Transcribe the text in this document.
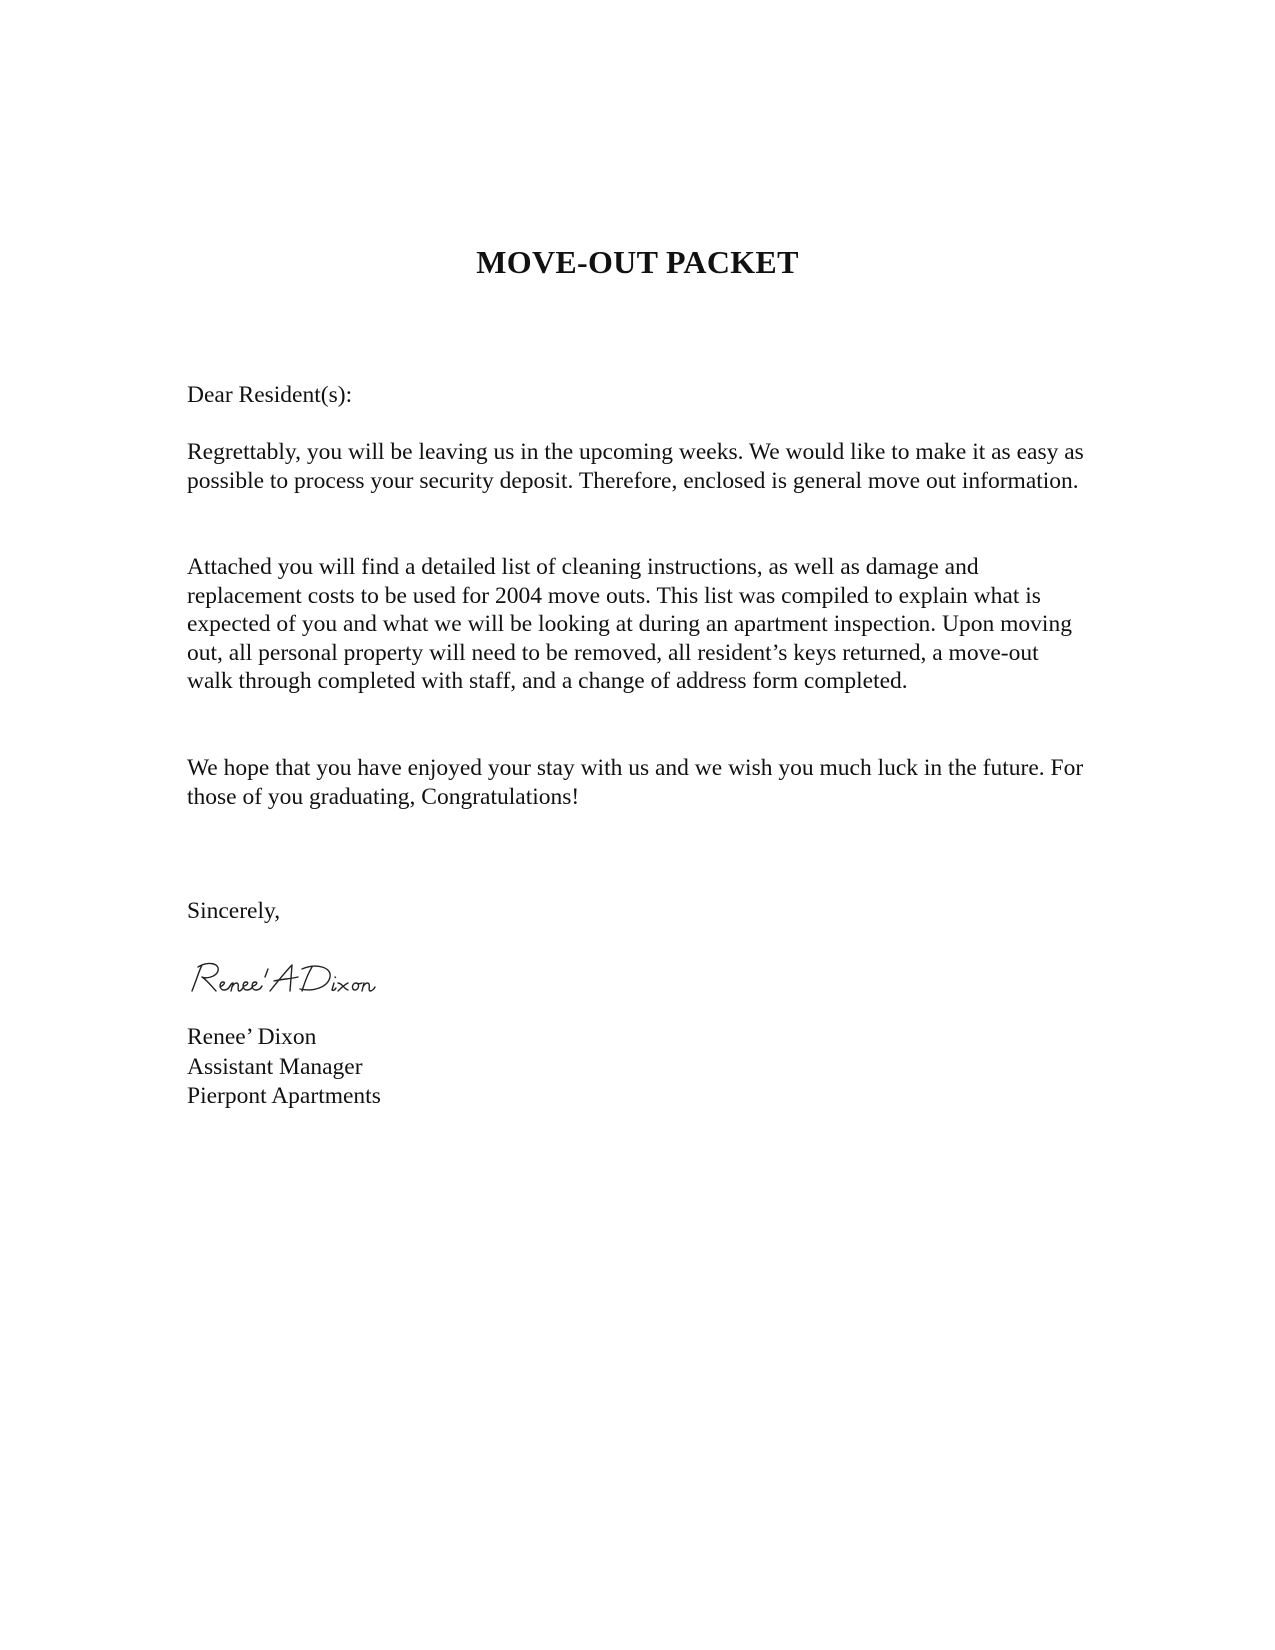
MOVE-OUT PACKET

Dear Resident(s):

Regrettably, you will be leaving us in the upcoming weeks. We would like to make it as easy as possible to process your security deposit. Therefore, enclosed is general move out information.

Attached you will find a detailed list of cleaning instructions, as well as damage and replacement costs to be used for 2004 move outs. This list was compiled to explain what is expected of you and what we will be looking at during an apartment inspection. Upon moving out, all personal property will need to be removed, all resident’s keys returned, a move-out walk through completed with staff, and a change of address form completed.

We hope that you have enjoyed your stay with us and we wish you much luck in the future. For those of you graduating, Congratulations!

Sincerely,

Renee’ Dixon
Assistant Manager
Pierpont Apartments
